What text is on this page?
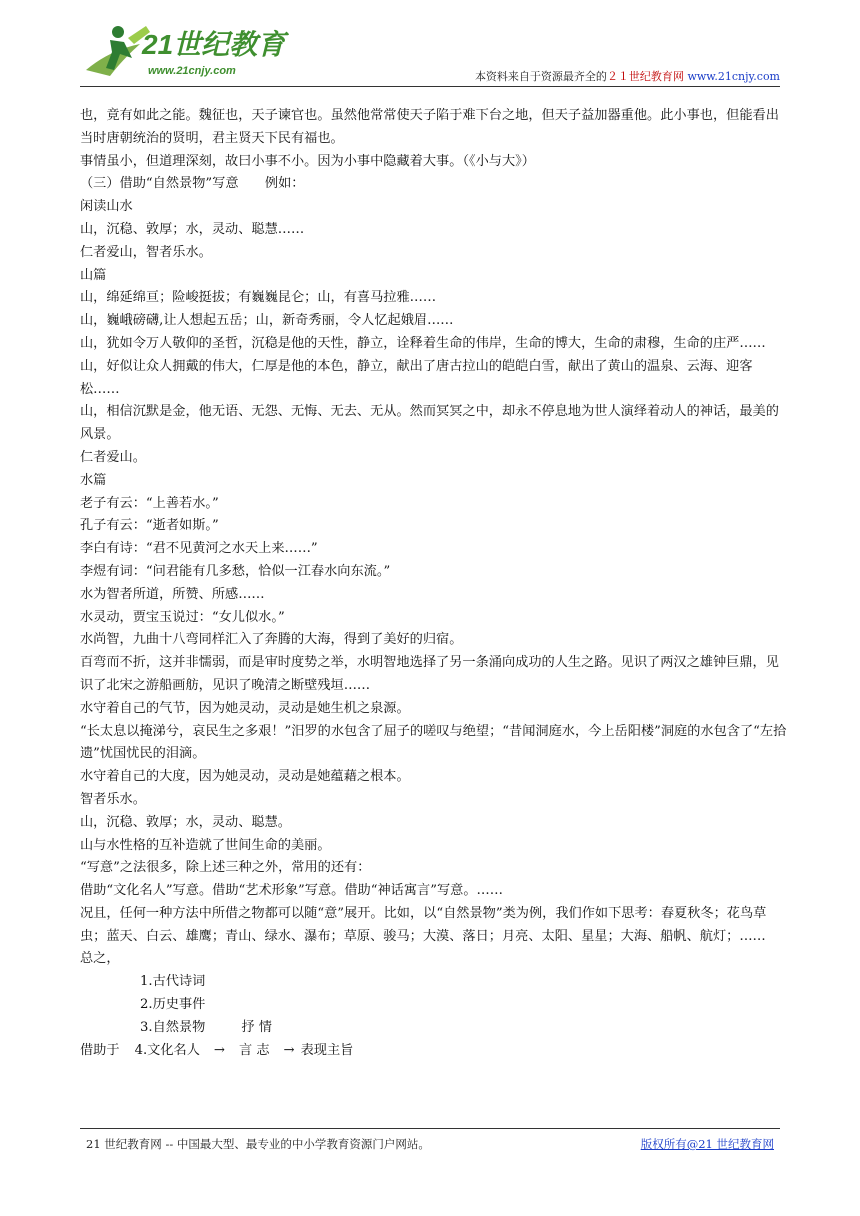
21世纪教育
www.21cnjy.com	本资料来自于资源最齐全的２１世纪教育网 www.21cnjy.com

也，竟有如此之能。魏征也，天子谏官也。虽然他常常使天子陷于难下台之地，但天子益加器重他。此小事也，但能看出当时唐朝统治的贤明，君主贤天下民有福也。

事情虽小，但道理深刻，故曰小事不小。因为小事中隐藏着大事。（《小与大》）

（三）借助“自然景物”写意　　例如：

闲读山水

山，沉稳、敦厚；水，灵动、聪慧……

仁者爱山，智者乐水。

山篇

山，绵延绵亘；险峻挺拔；有巍巍昆仑；山，有喜马拉雅……

山，巍峨磅礴,让人想起五岳；山，新奇秀丽，令人忆起娥眉……

山，犹如令万人敬仰的圣哲，沉稳是他的天性，静立，诠释着生命的伟岸，生命的博大，生命的肃穆，生命的庄严……

山，好似让众人拥戴的伟大，仁厚是他的本色，静立，献出了唐古拉山的皑皑白雪，献出了黄山的温泉、云海、迎客松……

山，相信沉默是金，他无语、无怨、无悔、无去、无从。然而冥冥之中，却永不停息地为世人演绎着动人的神话，最美的风景。

仁者爱山。

水篇

老子有云：“上善若水。”

孔子有云：“逝者如斯。”

李白有诗：“君不见黄河之水天上来……”

李煜有词：“问君能有几多愁，恰似一江春水向东流。”

水为智者所道，所赞、所感……

水灵动，贾宝玉说过：“女儿似水。”

水尚智，九曲十八弯同样汇入了奔腾的大海，得到了美好的归宿。

百弯而不折，这并非懦弱，而是审时度势之举，水明智地选择了另一条涌向成功的人生之路。见识了两汉之雄钟巨鼎，见识了北宋之游船画舫，见识了晚清之断壁残垣……

水守着自己的气节，因为她灵动，灵动是她生机之泉源。

“长太息以掩涕兮，哀民生之多艰！”汨罗的水包含了屈子的嗟叹与绝望；“昔闻洞庭水，今上岳阳楼”洞庭的水包含了“左拾遗”忧国忧民的泪滴。

水守着自己的大度，因为她灵动，灵动是她蕴藉之根本。

智者乐水。

山，沉稳、敦厚；水，灵动、聪慧。

山与水性格的互补造就了世间生命的美丽。

“写意”之法很多，除上述三种之外，常用的还有：

借助“文化名人”写意。借助“艺术形象”写意。借助“神话寓言”写意。……

况且，任何一种方法中所借之物都可以随“意”展开。比如，以“自然景物”类为例，我们作如下思考：春夏秋冬；花鸟草虫；蓝天、白云、雄鹰；青山、绿水、瀑布；草原、骏马；大漠、落日；月亮、太阳、星星；大海、船帆、航灯；……

总之，

1.古代诗词

2.历史事件

3.自然景物	抒 情

借助于 4.文化名人 → 言 志 → 表现主旨

21 世纪教育网 -- 中国最大型、最专业的中小学教育资源门户网站。	版权所有@21 世纪教育网
